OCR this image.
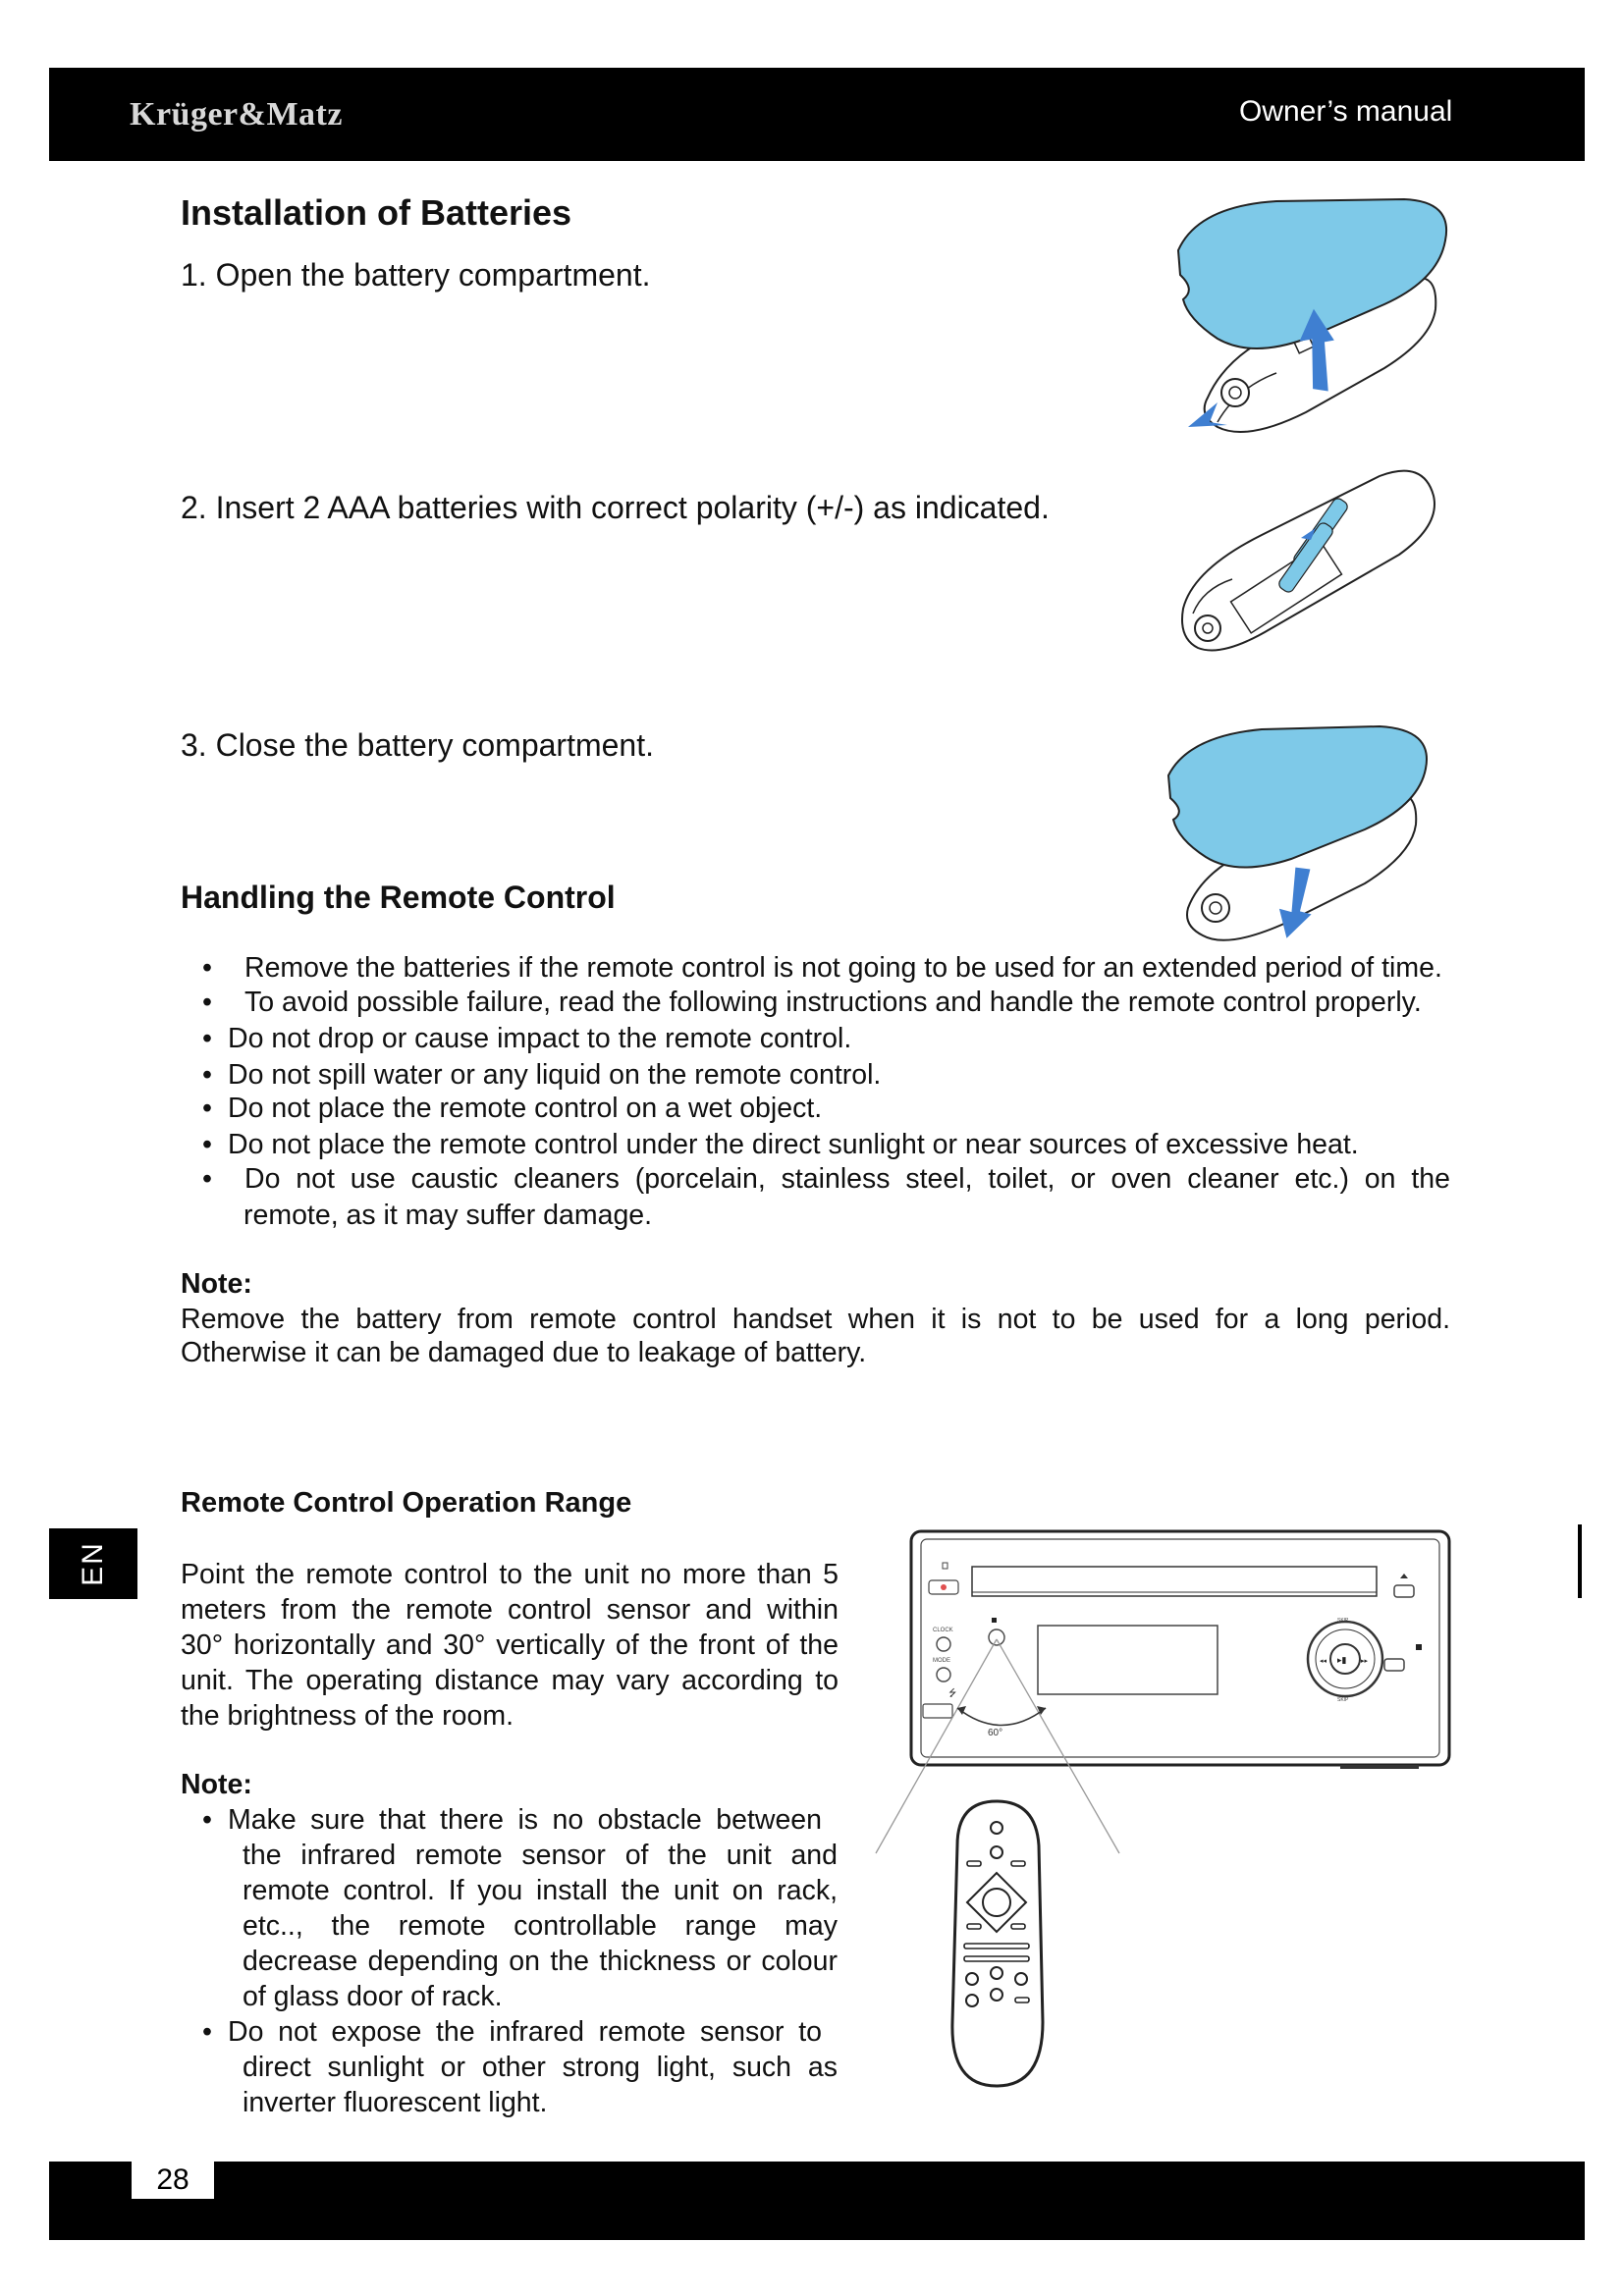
Krüger&Matz	Owner’s manual
EN
Installation of Batteries
1. Open the battery compartment.
2. Insert 2 AAA batteries with correct polarity (+/-) as indicated.
3. Close the battery compartment.
Handling the Remote Control
• Remove the batteries if the remote control is not going to be used for an extended period of time.
• To avoid possible failure, read the following instructions and handle the remote control properly.
• Do not drop or cause impact to the remote control.
• Do not spill water or any liquid on the remote control.
• Do not place the remote control on a wet object.
• Do not place the remote control under the direct sunlight or near sources of excessive heat.
• Do not use caustic cleaners (porcelain, stainless steel, toilet, or oven cleaner etc.) on the
remote, as it may suffer damage.
Note:
Remove the battery from remote control handset when it is not to be used for a long period.
Otherwise it can be damaged due to leakage of battery.
Remote Control Operation Range
Point the remote control to the unit no more than 5
meters from the remote control sensor and within
30° horizontally and 30° vertically of the front of the
unit. The operating distance may vary according to
the brightness of the room.
Note:
• Make sure that there is no obstacle between
the infrared remote sensor of the unit and
remote control. If you install the unit on rack,
etc.., the remote controllable range may
decrease depending on the thickness or colour
of glass door of rack.
• Do not expose the infrared remote sensor to
direct sunlight or other strong light, such as
inverter fluorescent light.
CLOCK
MODE
⭍
▸▮
◂◂	▸▸
SKIP
SKIP
60°
28
